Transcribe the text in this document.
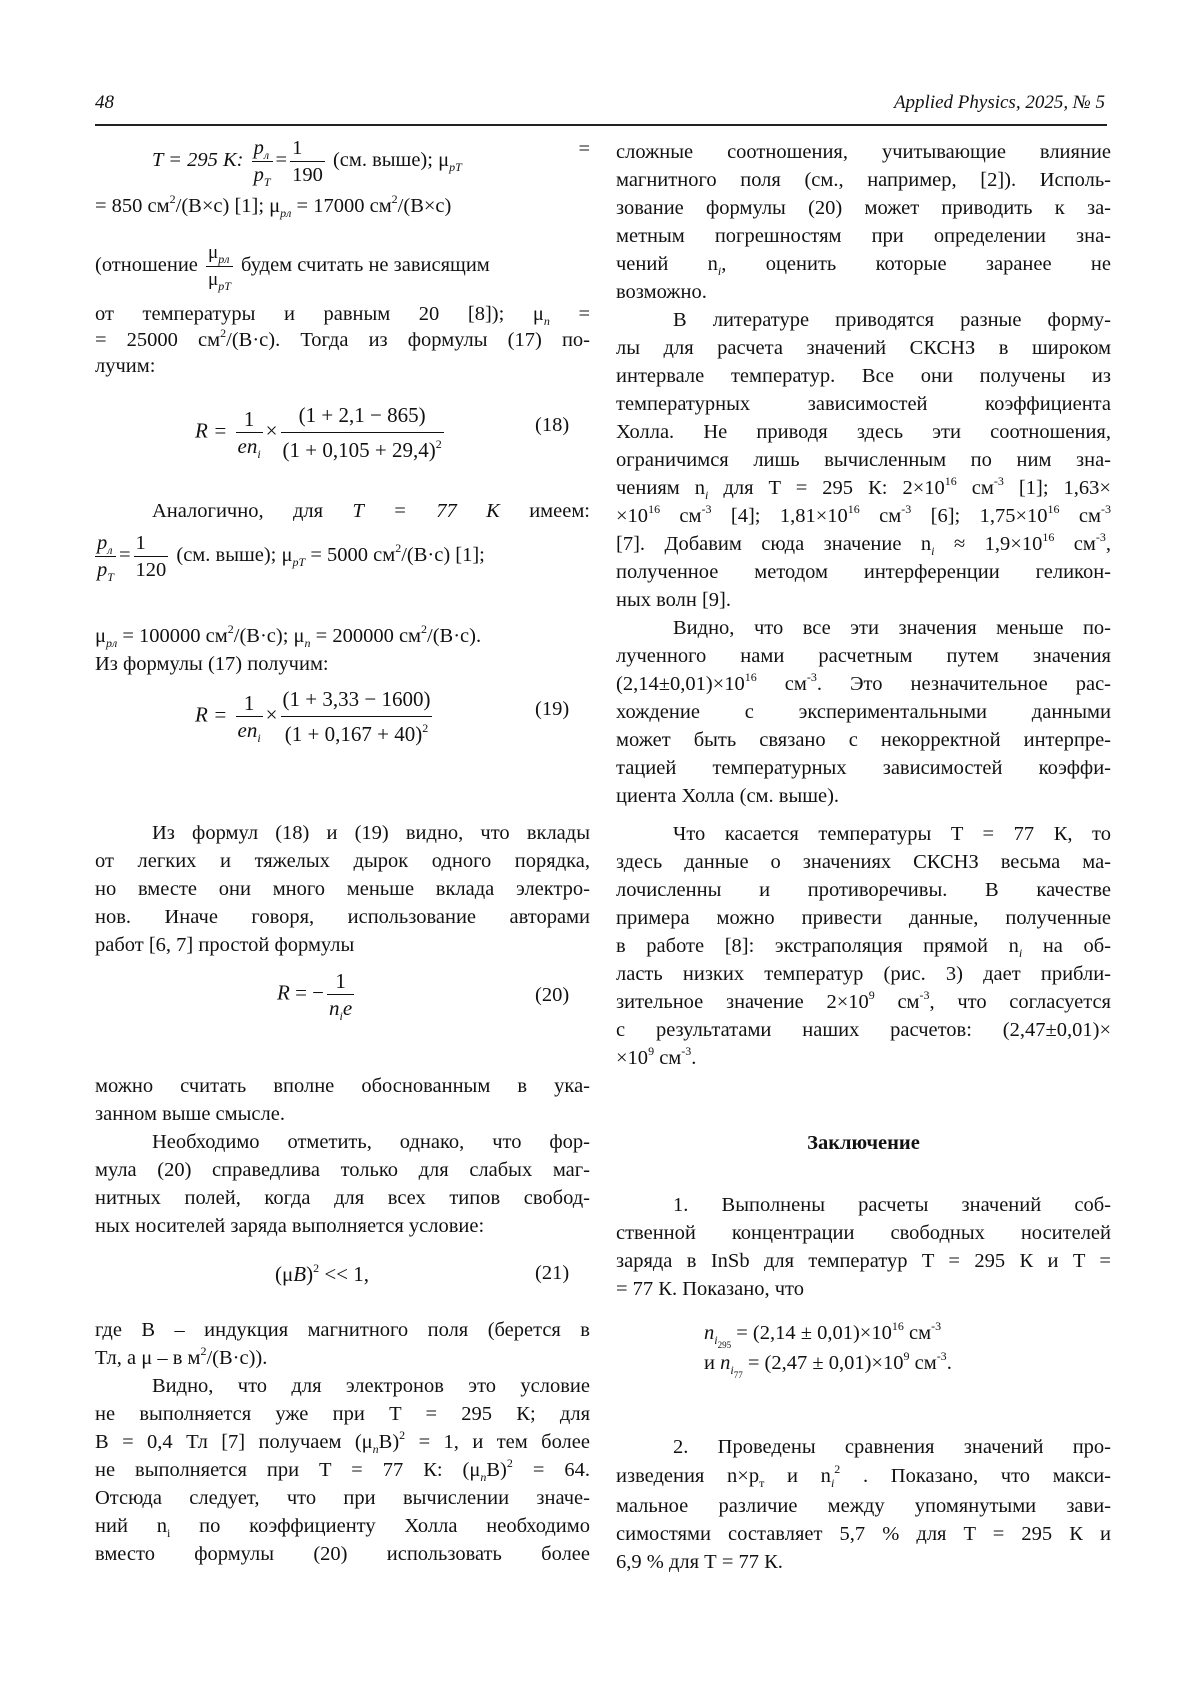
48	Applied Physics, 2025, № 5
T = 295 К: $\frac{p_л}{p_T} = \frac{1}{190} (см$. выше); $\mu_{pT}$
=
= 850 $см^2/(В\times с)$ [1]; $\mu_{pл} = 17000$ $см^2/(В\times с)$
(отношение $\frac{\mu_{pл}}{\mu_{pT}}$ будем считать не зависящим
от температуры и равным 20 [8]); $\mu_n$ =
= 25000 $см^2/(В\cdot с)$. Тогда из формулы (17) по-
лучим:
$R = \frac{1}{en_i} \times \frac{(1 + 2,1 - 865)}{(1 + 0,105 + 29,4)^2}$	(18)
Аналогично, для T = 77 К имеем:
$\frac{p_л}{p_T} = \frac{1}{120} (см$. выше); $\mu_{pT} = 5000$ $см^2/(В\cdot с)$ [1];
$\mu_{pл} = 100000$ $см^2/(В\cdot с)$; $\mu_n = 200000$ $см^2/(В\cdot с)$.
Из формулы (17) получим:
$R = \frac{1}{en_i} \times \frac{(1 + 3,33 - 1600)}{(1 + 0,167 + 40)^2}$	(19)
Из формул (18) и (19) видно, что вклады
от легких и тяжелых дырок одного порядка,
но вместе они много меньше вклада электро-
нов. Иначе говоря, использование авторами
работ [6, 7] простой формулы
R = − $\frac{1}{n_ie}$	(20)
можно считать вполне обоснованным в ука-
занном выше смысле.
Необходимо отметить, однако, что фор-
мула (20) справедлива только для слабых маг-
нитных полей, когда для всех типов свобод-
ных носителей заряда выполняется условие:
$(\mu B)^2 << 1$,	(21)
где B – индукция магнитного поля (берется в
Тл, а μ – в $м^2/(В\cdot с)$).
Видно, что для электронов это условие
не выполняется уже при T = 295 К; для
B = 0,4 Тл [7] получаем $(\mu_nB)^2 = 1$, и тем более
не выполняется при T = 77 К: $(\mu_nB)^2 = 64$.
Отсюда следует, что при вычислении значе-
ний $n_i$ по коэффициенту Холла необходимо
вместо формулы (20) использовать более
сложные соотношения, учитывающие влияние
магнитного поля (см., например, [2]). Исполь-
зование формулы (20) может приводить к за-
метным погрешностям при определении зна-
чений $n_i$, оценить которые заранее не
возможно.
В литературе приводятся разные форму-
лы для расчета значений СКСНЗ в широком
интервале температур. Все они получены из
температурных зависимостей коэффициента
Холла. Не приводя здесь эти соотношения,
ограничимся лишь вычисленным по ним зна-
чениям $n_i$ для T = 295 К: $2\times 10^{16}$ $см^{-3}$ [1]; 1,63×
$\times 10^{16}$ $см^{-3}$ [4]; $1,81\times 10^{16}$ $см^{-3}$ [6]; $1,75\times 10^{16}$ $см^{-3}$
[7]. Добавим сюда значение $n_i \approx 1,9\times 10^{16}$ $см^{-3}$,
полученное методом интерференции геликон-
ных волн [9].
Видно, что все эти значения меньше по-
лученного нами расчетным путем значения
$(2,14\pm 0,01)\times 10^{16}$ $см^{-3}$. Это незначительное рас-
хождение с экспериментальными данными
может быть связано с некорректной интерпре-
тацией температурных зависимостей коэффи-
циента Холла (см. выше).
Что касается температуры T = 77 К, то
здесь данные о значениях СКСНЗ весьма ма-
лочисленны и противоречивы. В качестве
примера можно привести данные, полученные
в работе [8]: экстраполяция прямой $n_i$ на об-
ласть низких температур (рис. 3) дает прибли-
зительное значение $2\times 10^9$ $см^{-3}$, что согласуется
с результатами наших расчетов: (2,47±0,01)×
$\times 10^9$ $см^{-3}$.
Заключение
1. Выполнены расчеты значений соб-
ственной концентрации свободных носителей
заряда в InSb для температур T = 295 К и T =
= 77 К. Показано, что
$n_{i295} = (2,14 \pm 0,01)\times 10^{16}$ $см^{-3}$
и $n_{i77} = (2,47 \pm 0,01)\times 10^9$ $см^{-3}$.
2. Проведены сравнения значений про-
изведения $n\times p_т$ и $n_i^2$ . Показано, что макси-
мальное различие между упомянутыми зави-
симостями составляет 5,7 % для T = 295 К и
6,9 % для Т = 77 К.
